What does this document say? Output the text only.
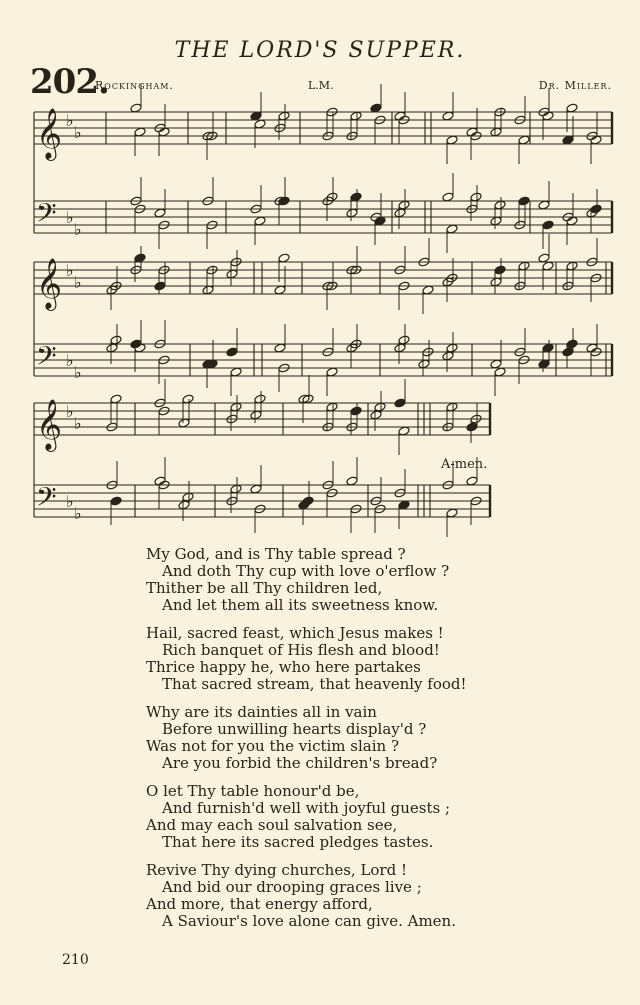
THE LORD'S SUPPER.
202.
Rockingham.	L.M.	Dr. Miller.
𝄞 ♭
♭
𝄢 ♭
♭
𝄞 ♭
♭
𝄢 ♭
♭
𝄞 ♭
♭
𝄢 ♭
♭
A-men.
My God, and is Thy table spread ?
And doth Thy cup with love o'erflow ?
Thither be all Thy children led,
And let them all its sweetness know.
Hail, sacred feast, which Jesus makes !
Rich banquet of His flesh and blood!
Thrice happy he, who here partakes
That sacred stream, that heavenly food!
Why are its dainties all in vain
Before unwilling hearts display'd ?
Was not for you the victim slain ?
Are you forbid the children's bread?
O let Thy table honour'd be,
And furnish'd well with joyful guests ;
And may each soul salvation see,
That here its sacred pledges tastes.
Revive Thy dying churches, Lord !
And bid our drooping graces live ;
And more, that energy afford,
A Saviour's love alone can give. Amen.
210
